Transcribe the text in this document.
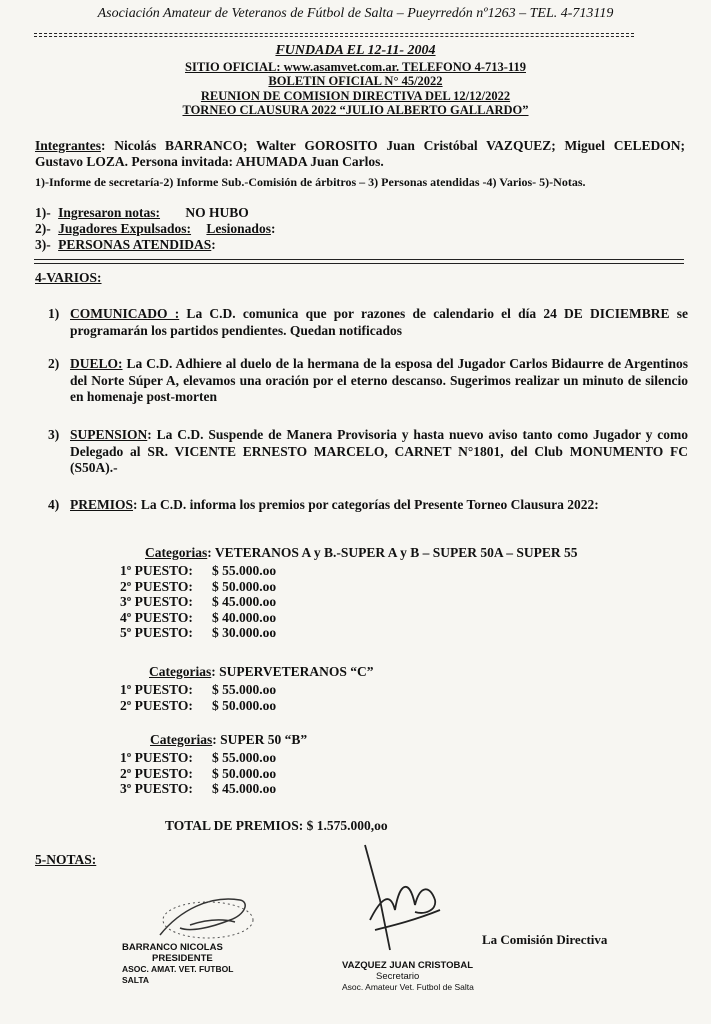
Asociación Amateur de Veteranos de Fútbol de Salta – Pueyrredón nº1263 – TEL. 4-713119
FUNDADA EL 12-11- 2004
SITIO OFICIAL: www.asamvet.com.ar. TELEFONO 4-713-119
BOLETIN OFICIAL N° 45/2022
REUNION DE COMISION DIRECTIVA DEL 12/12/2022
TORNEO CLAUSURA 2022 “JULIO ALBERTO GALLARDO”
Integrantes: Nicolás BARRANCO; Walter GOROSITO Juan Cristóbal VAZQUEZ; Miguel CELEDON; Gustavo LOZA. Persona invitada: AHUMADA Juan Carlos.
1)-Informe de secretaría-2) Informe Sub.-Comisión de árbitros – 3) Personas atendidas -4) Varios- 5)-Notas.
1)- Ingresaron notas: NO HUBO
2)- Jugadores Expulsados: Lesionados:
3)- PERSONAS ATENDIDAS:
4-VARIOS:
1) COMUNICADO : La C.D. comunica que por razones de calendario el día 24 DE DICIEMBRE se programarán los partidos pendientes. Quedan notificados
2) DUELO: La C.D. Adhiere al duelo de la hermana de la esposa del Jugador Carlos Bidaurre de Argentinos del Norte Súper A, elevamos una oración por el eterno descanso. Sugerimos realizar un minuto de silencio en homenaje post-morten
3) SUPENSION: La C.D. Suspende de Manera Provisoria y hasta nuevo aviso tanto como Jugador y como Delegado al SR. VICENTE ERNESTO MARCELO, CARNET N°1801, del Club MONUMENTO FC (S50A).-
4) PREMIOS: La C.D. informa los premios por categorías del Presente Torneo Clausura 2022:
Categorias: VETERANOS A y B.-SUPER A y B – SUPER 50A – SUPER 55
1º PUESTO:	$ 55.000.oo
2º PUESTO:	$ 50.000.oo
3º PUESTO:	$ 45.000.oo
4º PUESTO:	$ 40.000.oo
5º PUESTO:	$ 30.000.oo
Categorias: SUPERVETERANOS “C”
1º PUESTO:	$ 55.000.oo
2º PUESTO:	$ 50.000.oo
Categorias: SUPER 50 “B”
1º PUESTO:	$ 55.000.oo
2º PUESTO:	$ 50.000.oo
3º PUESTO:	$ 45.000.oo
TOTAL DE PREMIOS: $ 1.575.000,oo
5-NOTAS:
BARRANCO NICOLAS
PRESIDENTE
ASOC. AMAT. VET. FUTBOL SALTA
VAZQUEZ JUAN CRISTOBAL
Secretario
Asoc. Amateur Vet. Futbol de Salta
La Comisión Directiva
